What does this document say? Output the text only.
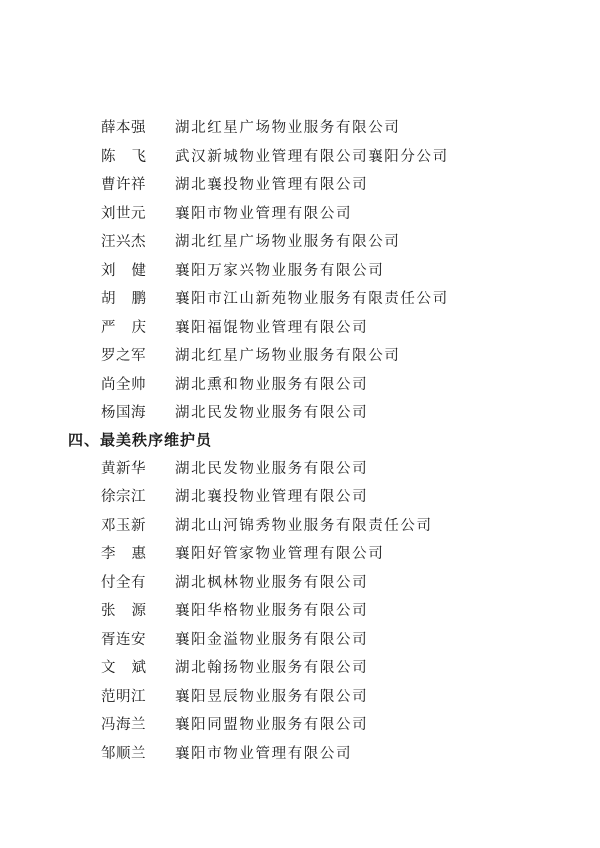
薛本强	湖北红星广场物业服务有限公司
陈飞 武汉新城物业管理有限公司襄阳分公司
曹许祥	湖北襄投物业管理有限公司
刘世元	襄阳市物业管理有限公司
汪兴杰	湖北红星广场物业服务有限公司
刘健 襄阳万家兴物业服务有限公司
胡鹏 襄阳市江山新苑物业服务有限责任公司
严庆 襄阳福馄物业管理有限公司
罗之军	湖北红星广场物业服务有限公司
尚全帅	湖北熏和物业服务有限公司
杨国海	湖北民发物业服务有限公司
四、最美秩序维护员
黄新华	湖北民发物业服务有限公司
徐宗江	湖北襄投物业管理有限公司
邓玉新	湖北山河锦秀物业服务有限责任公司
李惠 襄阳好管家物业管理有限公司
付全有	湖北枫林物业服务有限公司
张源 襄阳华格物业服务有限公司
胥连安	襄阳金溢物业服务有限公司
文斌 湖北翰扬物业服务有限公司
范明江	襄阳昱辰物业服务有限公司
冯海兰	襄阳同盟物业服务有限公司
邹顺兰	襄阳市物业管理有限公司
